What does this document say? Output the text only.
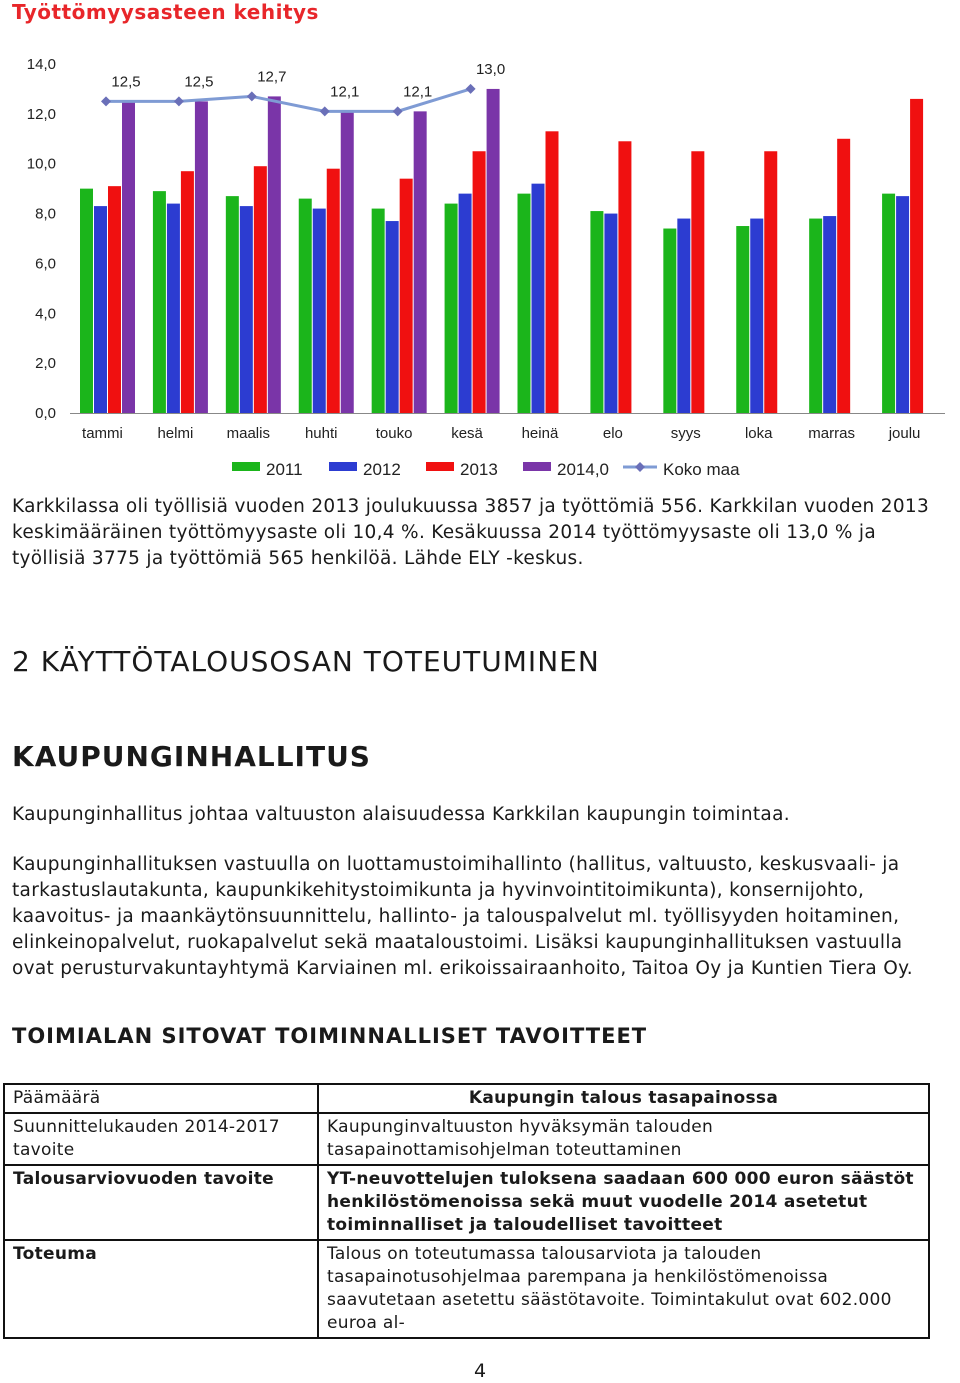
Työttömyysasteen kehitys
0,0
2,0
4,0
6,0
8,0
10,0
12,0
14,0
12,5	12,5	12,7
12,1	12,1
13,0
tammi helmi maalis huhti	touko	kesä	heinä	elo	syys	loka marras joulu
2011	2012	2013	2014,0	Koko maa
Karkkilassa oli työllisiä vuoden 2013 joulukuussa 3857 ja työttömiä 556. Karkkilan vuoden 2013 keskimääräinen työttömyysaste oli 10,4 %. Kesäkuussa 2014 työttömyysaste oli 13,0 % ja työllisiä 3775 ja työttömiä 565 henkilöä. Lähde ELY -keskus.
2 KÄYTTÖTALOUSOSAN TOTEUTUMINEN
KAUPUNGINHALLITUS
Kaupunginhallitus johtaa valtuuston alaisuudessa Karkkilan kaupungin toimintaa.
Kaupunginhallituksen vastuulla on luottamustoimihallinto (hallitus, valtuusto, keskusvaali- ja tarkastuslautakunta, kaupunkikehitystoimikunta ja hyvinvointitoimikunta), konsernijohto, kaavoitus- ja maankäytönsuunnittelu, hallinto- ja talouspalvelut ml. työllisyyden hoitaminen, elinkeinopalvelut, ruokapalvelut sekä maataloustoimi. Lisäksi kaupunginhallituksen vastuulla ovat perusturvakuntayhtymä Karviainen ml. erikoissairaanhoito, Taitoa Oy ja Kuntien Tiera Oy.
TOIMIALAN SITOVAT TOIMINNALLISET TAVOITTEET
Päämäärä	Kaupungin talous tasapainossa
Suunnittelukauden 2014-2017 tavoite	Kaupunginvaltuuston hyväksymän talouden tasapainottamisohjelman toteuttaminen
Talousarviovuoden tavoite	YT-neuvottelujen tuloksena saadaan 600 000 euron säästöt henkilöstömenoissa sekä muut vuodelle 2014 asetetut toiminnalliset ja taloudelliset tavoitteet
Toteuma	Talous on toteutumassa talousarviota ja talouden tasapainotusohjelmaa parempana ja henkilöstömenoissa saavutetaan asetettu säästötavoite. Toimintakulut ovat 602.000 euroa al-
4
